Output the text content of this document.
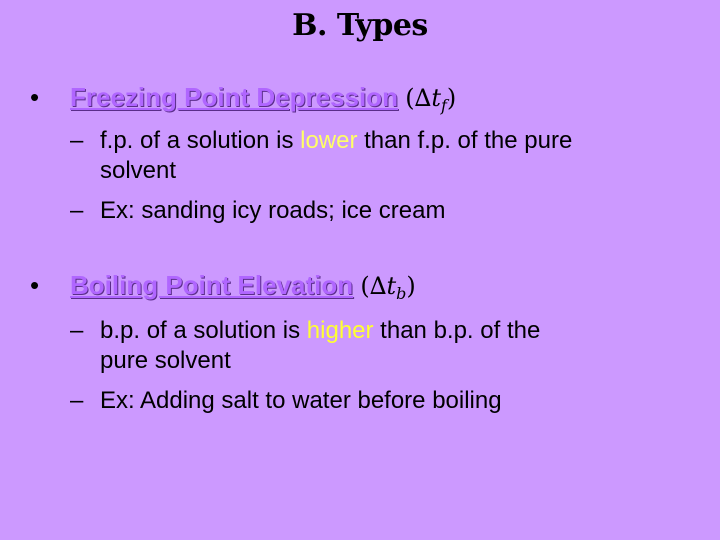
B. Types
• Freezing Point Depression $(\Delta t_f)$
– f.p. of a solution is lower than f.p. of the pure
solvent
– Ex: sanding icy roads; ice cream
• Boiling Point Elevation $(\Delta t_b)$
– b.p. of a solution is higher than b.p. of the
pure solvent
– Ex: Adding salt to water before boiling
